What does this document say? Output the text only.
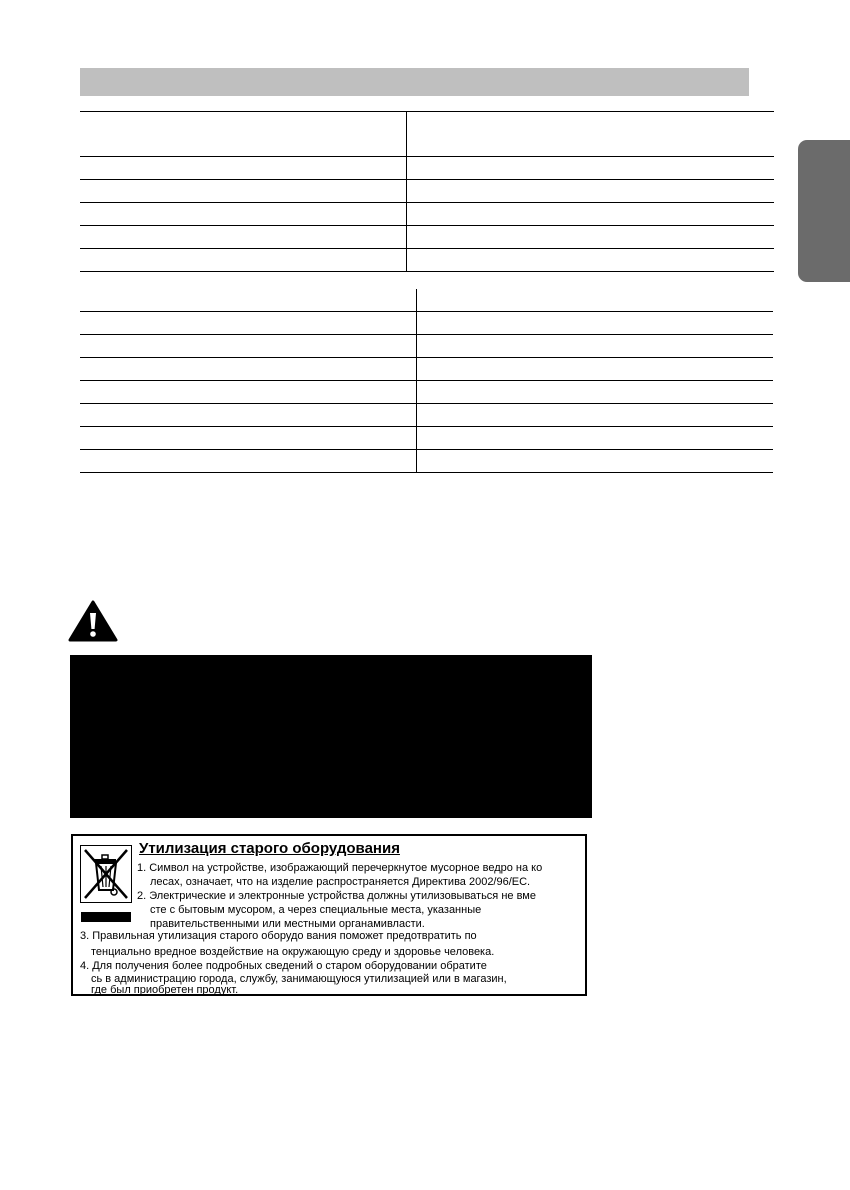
Утилизация старого оборудования
1. Символ на устройстве, изображающий перечеркнутое мусорное ведро на ко
лесах, означает, что на изделие распространяется Директива 2002/96/EC.
2. Электрические и электронные устройства должны утилизовываться не вме
сте с бытовым мусором, а через специальные места, указанные
правительственными или местными органамивласти.
3. Правильная утилизация старого оборудо вания поможет предотвратить по
тенциально вредное воздействие на окружающую среду и здоровье человека.
4. Для получения более подробных сведений о старом оборудовании обратите
сь в администрацию города, службу, занимающуюся утилизацией или в магазин,
где был приобретен продукт.
